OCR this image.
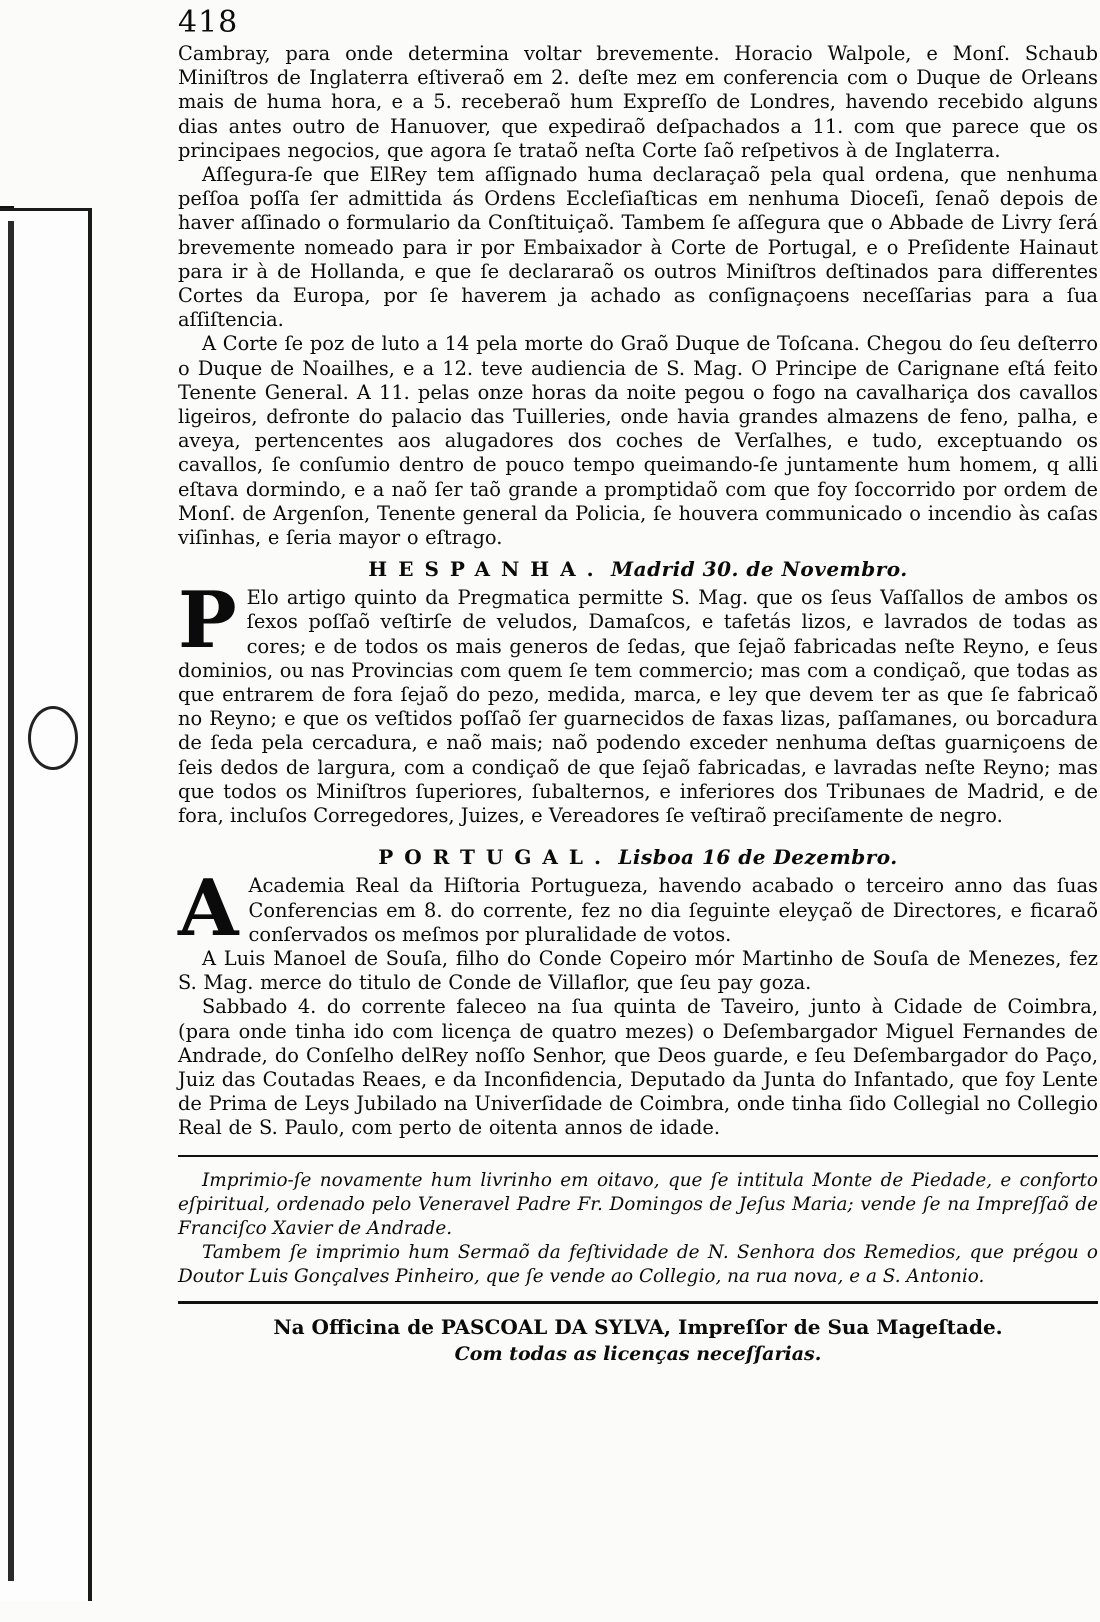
418

Cambray, para onde determina voltar brevemente. Horacio Walpole, e Monſ. Schaub Miniſtros de Inglaterra eſtiveraõ em 2. deſte mez em conferencia com o Duque de Orleans mais de huma hora, e a 5. receberaõ hum Expreſſo de Londres, havendo recebido alguns dias antes outro de Hanuover, que expediraõ deſpachados a 11. com que parece que os principaes negocios, que agora ſe trataõ neſta Corte ſaõ reſpetivos à de Inglaterra.

Aſſegura-ſe que ElRey tem aſſignado huma declaraçaõ pela qual ordena, que nenhuma peſſoa poſſa ſer admittida ás Ordens Eccleſiaſticas em nenhuma Dioceſi, ſenaõ depois de haver aſſinado o formulario da Conſtituiçaõ. Tambem ſe aſſegura que o Abbade de Livry ſerá brevemente nomeado para ir por Embaixador à Corte de Portugal, e o Preſidente Hainaut para ir à de Hollanda, e que ſe declararaõ os outros Miniſtros deſtinados para differentes Cortes da Europa, por ſe haverem ja achado as conſignaçoens neceſſarias para a ſua aſſiſtencia.

A Corte ſe poz de luto a 14 pela morte do Graõ Duque de Toſcana. Chegou do ſeu deſterro o Duque de Noailhes, e a 12. teve audiencia de S. Mag. O Principe de Carignane eſtá feito Tenente General. A 11. pelas onze horas da noite pegou o fogo na cavalhariça dos cavallos ligeiros, defronte do palacio das Tuilleries, onde havia grandes almazens de feno, palha, e aveya, pertencentes aos alugadores dos coches de Verſalhes, e tudo, exceptuando os cavallos, ſe conſumio dentro de pouco tempo queimando-ſe juntamente hum homem, q alli eſtava dormindo, e a naõ ſer taõ grande a promptidaõ com que foy ſoccorrido por ordem de Monſ. de Argenſon, Tenente general da Policia, ſe houvera communicado o incendio às caſas viſinhas, e ſeria mayor o eſtrago.

HESPANHA. Madrid 30. de Novembro.

P Elo artigo quinto da Pregmatica permitte S. Mag. que os ſeus Vaſſallos de ambos os ſexos poſſaõ veſtirſe de veludos, Damaſcos, e tafetás lizos, e lavrados de todas as cores; e de todos os mais generos de ſedas, que ſejaõ fabricadas neſte Reyno, e ſeus dominios, ou nas Provincias com quem ſe tem commercio; mas com a condiçaõ, que todas as que entrarem de fora ſejaõ do pezo, medida, marca, e ley que devem ter as que ſe fabricaõ no Reyno; e que os veſtidos poſſaõ ſer guarnecidos de faxas lizas, paſſamanes, ou borcadura de ſeda pela cercadura, e naõ mais; naõ podendo exceder nenhuma deſtas guarniçoens de ſeis dedos de largura, com a condiçaõ de que ſejaõ fabricadas, e lavradas neſte Reyno; mas que todos os Miniſtros ſuperiores, ſubalternos, e inferiores dos Tribunaes de Madrid, e de fora, incluſos Corregedores, Juizes, e Vereadores ſe veſtiraõ preciſamente de negro.

PORTUGAL. Lisboa 16 de Dezembro.

A Academia Real da Hiſtoria Portugueza, havendo acabado o terceiro anno das ſuas Conferencias em 8. do corrente, fez no dia ſeguinte eleyçaõ de Directores, e ficaraõ conſervados os meſmos por pluralidade de votos.

A Luis Manoel de Souſa, filho do Conde Copeiro mór Martinho de Souſa de Menezes, fez S. Mag. merce do titulo de Conde de Villaflor, que ſeu pay goza.

Sabbado 4. do corrente faleceo na ſua quinta de Taveiro, junto à Cidade de Coimbra, (para onde tinha ido com licença de quatro mezes) o Deſembargador Miguel Fernandes de Andrade, do Conſelho delRey noſſo Senhor, que Deos guarde, e ſeu Deſembargador do Paço, Juiz das Coutadas Reaes, e da Inconfidencia, Deputado da Junta do Infantado, que foy Lente de Prima de Leys Jubilado na Univerſidade de Coimbra, onde tinha ſido Collegial no Collegio Real de S. Paulo, com perto de oitenta annos de idade.

Imprimio-ſe novamente hum livrinho em oitavo, que ſe intitula Monte de Piedade, e conforto eſpiritual, ordenado pelo Veneravel Padre Fr. Domingos de Jeſus Maria; vende ſe na Impreſſaõ de Franciſco Xavier de Andrade.

Tambem ſe imprimio hum Sermaõ da feſtividade de N. Senhora dos Remedios, que prégou o Doutor Luis Gonçalves Pinheiro, que ſe vende ao Collegio, na rua nova, e a S. Antonio.

Na Officina de PASCOAL DA SYLVA, Impreſſor de Sua Mageſtade.

Com todas as licenças neceſſarias.
